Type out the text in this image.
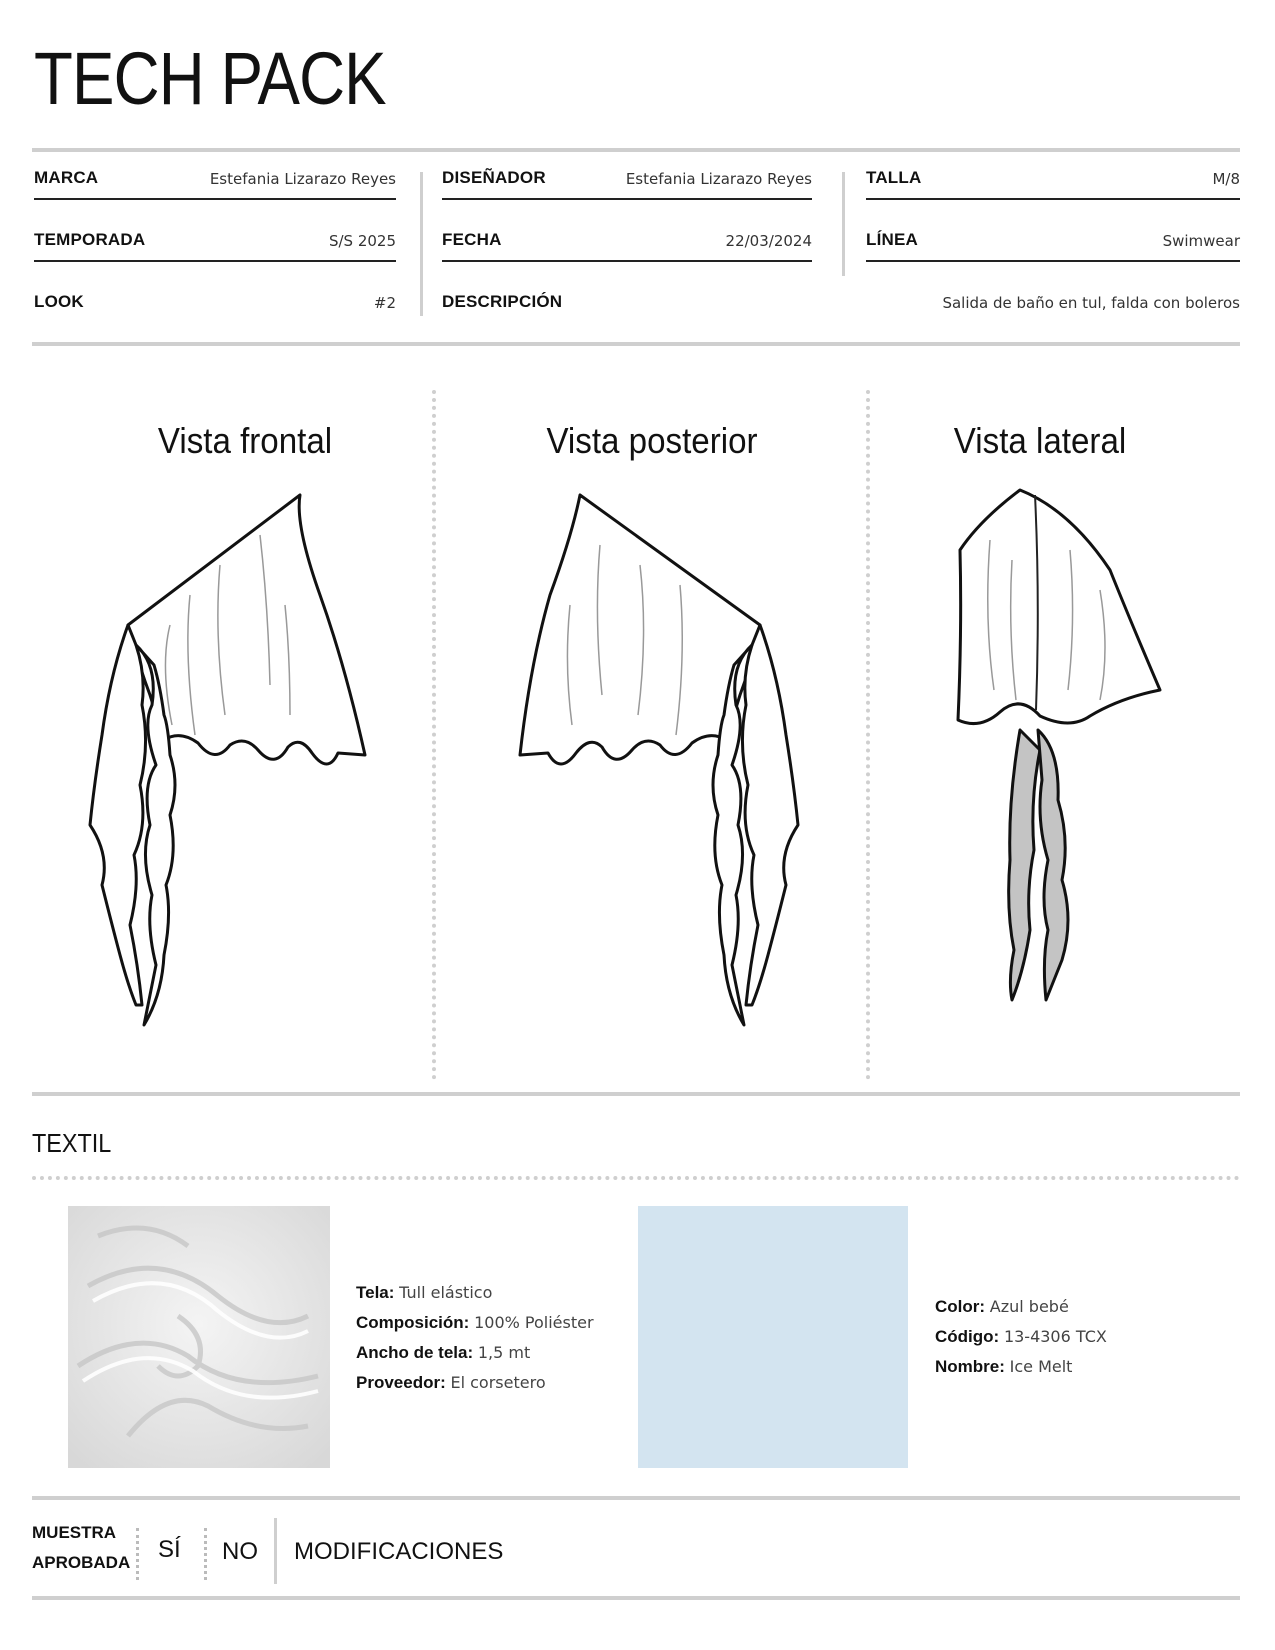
TECH PACK
MARCA	Estefania Lizarazo Reyes
TEMPORADA	S/S 2025
LOOK	#2
DISEÑADOR	Estefania Lizarazo Reyes
FECHA	22/03/2024
DESCRIPCIÓN	Salida de baño en tul, falda con boleros
TALLA	M/8
LÍNEA	Swimwear
Vista frontal	Vista posterior	Vista lateral
TEXTIL
Tela: Tull elástico
Composición: 100% Poliéster
Ancho de tela: 1,5 mt
Proveedor: El corsetero
Color: Azul bebé
Código: 13-4306 TCX
Nombre: Ice Melt
MUESTRA
APROBADA SÍ NO MODIFICACIONES
